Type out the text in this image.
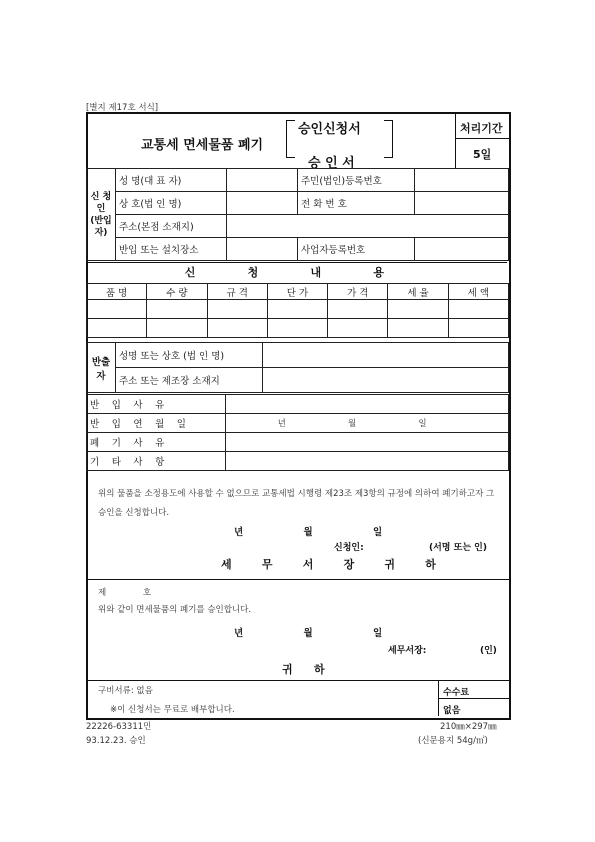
[별지 제17호 서식]
교통세 면세물품 폐기
승인신청서
승 인 서
처리기간
5일
신 청 인
(반입자)	성 명(대 표 자)		주민(법인)등록번호	
	상 호(법 인 명)		전 화 번 호	
	주소(본점 소재지)			
	반입 또는 설치장소		사업자등록번호	
신 청 내 용
품 명	수 량	규 격	단 가	가 격	세 율	세 액

반출자	성명 또는 상호 (법 인 명)	
	주소 또는 제조장 소재지	
반 입 사 유	
반 입 연 월 일	년 월 일
폐 기 사 유	
기 타 사 항	
위의 물품을 소정용도에 사용할 수 없으므로 교통세법 시행령 제23조 제3항의 규정에 의하여 폐기하고자 그 승인을 신청합니다.
년 월 일
신청인:	(서명 또는 인)
세 무 서 장 귀 하
제 호
위와 같이 면세물품의 폐기를 승인합니다.
년 월 일
세무서장:	(인)
귀 하
구비서류: 없음
※이 신청서는 무료로 배부합니다.
수수료
없음
22226-63311민
93.12.23. 승인
210㎜×297㎜
(신문용지 54g/㎡)
